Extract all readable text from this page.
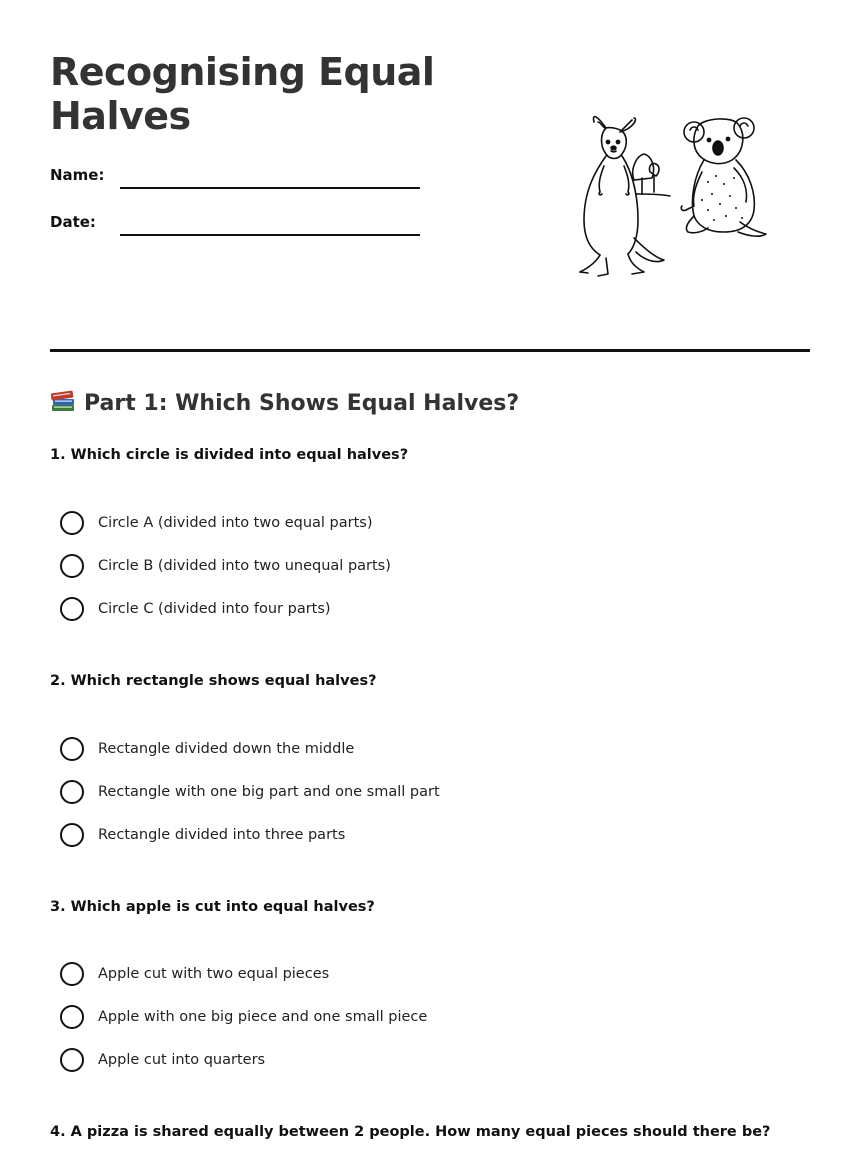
Recognising Equal Halves
Name:
Date:
Part 1: Which Shows Equal Halves?

1. Which circle is divided into equal halves?

Circle A (divided into two equal parts)
Circle B (divided into two unequal parts)
Circle C (divided into four parts)

2. Which rectangle shows equal halves?

Rectangle divided down the middle
Rectangle with one big part and one small part
Rectangle divided into three parts

3. Which apple is cut into equal halves?

Apple cut with two equal pieces
Apple with one big piece and one small piece
Apple cut into quarters

4. A pizza is shared equally between 2 people. How many equal pieces should there be?
